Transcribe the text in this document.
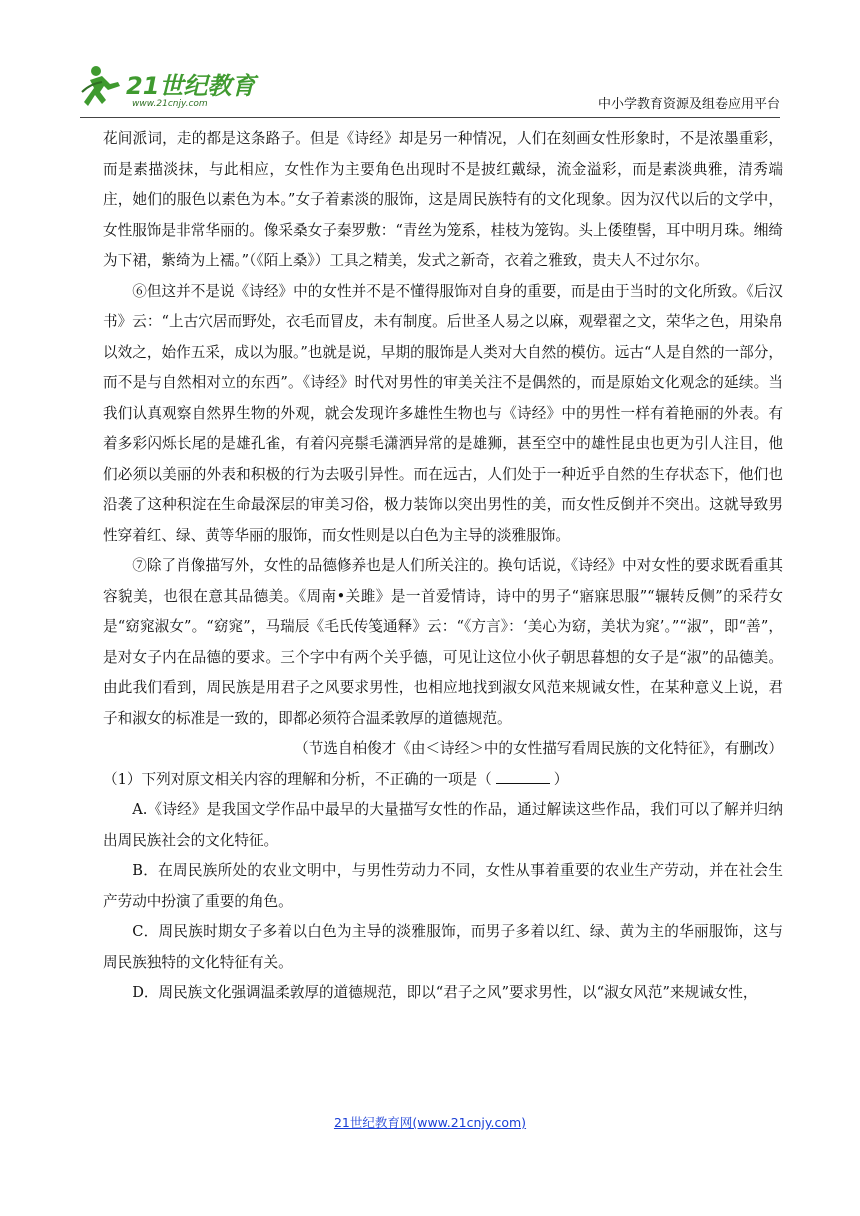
21世纪教育
www.21cnjy.com	中小学教育资源及组卷应用平台

花间派词，走的都是这条路子。但是《诗经》却是另一种情况，人们在刻画女性形象时，不是浓墨重彩，而是素描淡抹，与此相应，女性作为主要角色出现时不是披红戴绿，流金溢彩，而是素淡典雅，清秀端庄，她们的服色以素色为本。”女子着素淡的服饰，这是周民族特有的文化现象。因为汉代以后的文学中，女性服饰是非常华丽的。像采桑女子秦罗敷：“青丝为笼系，桂枝为笼钩。头上倭堕髻，耳中明月珠。缃绮为下裙，紫绮为上襦。”（《陌上桑》）工具之精美，发式之新奇，衣着之雅致，贵夫人不过尔尔。

⑥但这并不是说《诗经》中的女性并不是不懂得服饰对自身的重要，而是由于当时的文化所致。《后汉书》云：“上古穴居而野处，衣毛而冒皮，未有制度。后世圣人易之以麻，观翚翟之文，荣华之色，用染帛以效之，始作五采，成以为服。”也就是说，早期的服饰是人类对大自然的模仿。远古“人是自然的一部分，而不是与自然相对立的东西”。《诗经》时代对男性的审美关注不是偶然的，而是原始文化观念的延续。当我们认真观察自然界生物的外观，就会发现许多雄性生物也与《诗经》中的男性一样有着艳丽的外表。有着多彩闪烁长尾的是雄孔雀，有着闪亮鬃毛潇洒异常的是雄狮，甚至空中的雄性昆虫也更为引人注目，他们必须以美丽的外表和积极的行为去吸引异性。而在远古，人们处于一种近乎自然的生存状态下，他们也沿袭了这种积淀在生命最深层的审美习俗，极力装饰以突出男性的美，而女性反倒并不突出。这就导致男性穿着红、绿、黄等华丽的服饰，而女性则是以白色为主导的淡雅服饰。

⑦除了肖像描写外，女性的品德修养也是人们所关注的。换句话说，《诗经》中对女性的要求既看重其容貌美，也很在意其品德美。《周南•关雎》是一首爱情诗，诗中的男子“寤寐思服”“辗转反侧”的采荇女是“窈窕淑女”。“窈窕”，马瑞辰《毛氏传笺通释》云：“《方言》：‘美心为窈，美状为窕’。”“淑”，即“善”，是对女子内在品德的要求。三个字中有两个关乎德，可见让这位小伙子朝思暮想的女子是“淑”的品德美。由此我们看到，周民族是用君子之风要求男性，也相应地找到淑女风范来规诫女性，在某种意义上说，君子和淑女的标准是一致的，即都必须符合温柔敦厚的道德规范。

（节选自柏俊才《由＜诗经＞中的女性描写看周民族的文化特征》，有删改）

（1）下列对原文相关内容的理解和分析，不正确的一项是（	）

A.《诗经》是我国文学作品中最早的大量描写女性的作品，通过解读这些作品，我们可以了解并归纳出周民族社会的文化特征。

B．在周民族所处的农业文明中，与男性劳动力不同，女性从事着重要的农业生产劳动，并在社会生产劳动中扮演了重要的角色。

C．周民族时期女子多着以白色为主导的淡雅服饰，而男子多着以红、绿、黄为主的华丽服饰，这与周民族独特的文化特征有关。

D．周民族文化强调温柔敦厚的道德规范，即以“君子之风”要求男性，以“淑女风范”来规诫女性，

21世纪教育网(www.21cnjy.com)
